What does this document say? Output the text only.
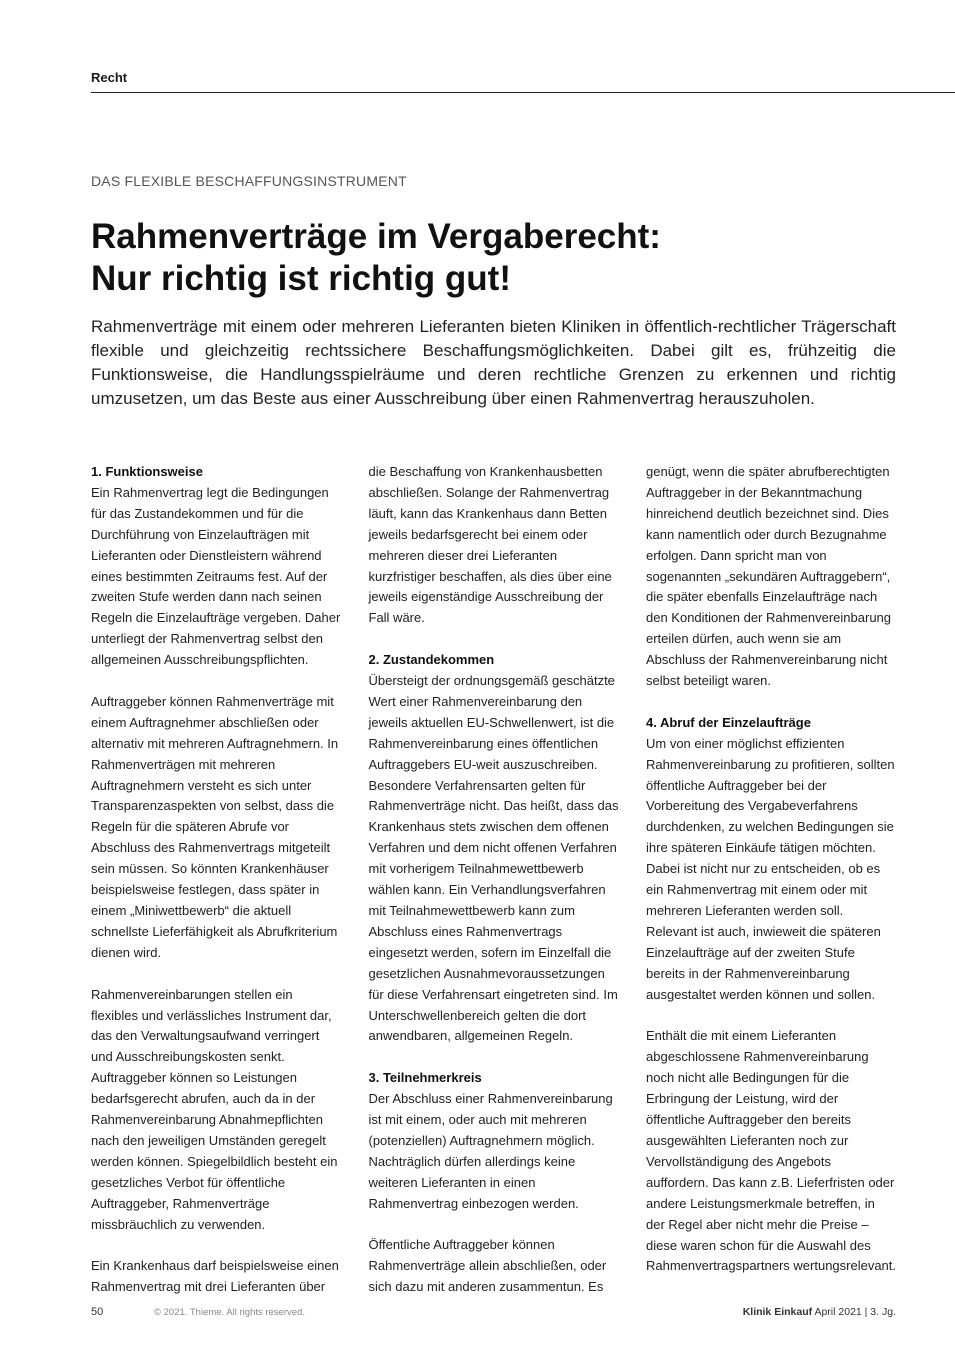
Recht
DAS FLEXIBLE BESCHAFFUNGSINSTRUMENT
Rahmenverträge im Vergaberecht:
Nur richtig ist richtig gut!

Rahmenverträge mit einem oder mehreren Lieferanten bieten Kliniken in öffentlich-rechtlicher Trägerschaft flexible und gleichzeitig rechtssichere Beschaffungsmöglichkeiten. Dabei gilt es, frühzeitig die Funktionsweise, die Handlungsspielräume und deren rechtliche Grenzen zu erkennen und richtig umzusetzen, um das Beste aus einer Ausschreibung über einen Rahmenvertrag herauszuholen.

1. Funktionsweise

Ein Rahmenvertrag legt die Bedingungen für das Zustandekommen und für die Durchführung von Einzelaufträgen mit Lieferanten oder Dienstleistern während eines bestimmten Zeitraums fest. Auf der zweiten Stufe werden dann nach seinen Regeln die Einzelaufträge vergeben. Daher unterliegt der Rahmenvertrag selbst den allgemeinen Ausschreibungspflichten.

Auftraggeber können Rahmenverträge mit einem Auftragnehmer abschließen oder alternativ mit mehreren Auftragnehmern. In Rahmenverträgen mit mehreren Auftragnehmern versteht es sich unter Transparenzaspekten von selbst, dass die Regeln für die späteren Abrufe vor Abschluss des Rahmenvertrags mitgeteilt sein müssen. So könnten Krankenhäuser beispielsweise festlegen, dass später in einem „Miniwettbewerb“ die aktuell schnellste Lieferfähigkeit als Abrufkriterium dienen wird.

Rahmenvereinbarungen stellen ein flexibles und verlässliches Instrument dar, das den Verwaltungsaufwand verringert und Ausschreibungskosten senkt. Auftraggeber können so Leistungen bedarfsgerecht abrufen, auch da in der Rahmenvereinbarung Abnahmepflichten nach den jeweiligen Umständen geregelt werden können. Spiegelbildlich besteht ein gesetzliches Verbot für öffentliche Auftraggeber, Rahmenverträge missbräuchlich zu verwenden.

Ein Krankenhaus darf beispielsweise einen Rahmenvertrag mit drei Lieferanten über

die Beschaffung von Krankenhausbetten abschließen. Solange der Rahmenvertrag läuft, kann das Krankenhaus dann Betten jeweils bedarfsgerecht bei einem oder mehreren dieser drei Lieferanten kurzfristiger beschaffen, als dies über eine jeweils eigenständige Ausschreibung der Fall wäre.

2. Zustandekommen

Übersteigt der ordnungsgemäß geschätzte Wert einer Rahmenvereinbarung den jeweils aktuellen EU-Schwellenwert, ist die Rahmenvereinbarung eines öffentlichen Auftraggebers EU-weit auszuschreiben. Besondere Verfahrensarten gelten für Rahmenverträge nicht. Das heißt, dass das Krankenhaus stets zwischen dem offenen Verfahren und dem nicht offenen Verfahren mit vorherigem Teilnahmewettbewerb wählen kann. Ein Verhandlungsverfahren mit Teilnahmewettbewerb kann zum Abschluss eines Rahmenvertrags eingesetzt werden, sofern im Einzelfall die gesetzlichen Ausnahmevoraussetzungen für diese Verfahrensart eingetreten sind. Im Unterschwellenbereich gelten die dort anwendbaren, allgemeinen Regeln.

3. Teilnehmerkreis

Der Abschluss einer Rahmenvereinbarung ist mit einem, oder auch mit mehreren (potenziellen) Auftragnehmern möglich. Nachträglich dürfen allerdings keine weiteren Lieferanten in einen Rahmenvertrag einbezogen werden.

Öffentliche Auftraggeber können Rahmenverträge allein abschließen, oder sich dazu mit anderen zusammentun. Es

genügt, wenn die später abrufberechtigten Auftraggeber in der Bekanntmachung hinreichend deutlich bezeichnet sind. Dies kann namentlich oder durch Bezugnahme erfolgen. Dann spricht man von sogenannten „sekundären Auftraggebern“, die später ebenfalls Einzelaufträge nach den Konditionen der Rahmenvereinbarung erteilen dürfen, auch wenn sie am Abschluss der Rahmenvereinbarung nicht selbst beteiligt waren.

4. Abruf der Einzelaufträge

Um von einer möglichst effizienten Rahmenvereinbarung zu profitieren, sollten öffentliche Auftraggeber bei der Vorbereitung des Vergabeverfahrens durchdenken, zu welchen Bedingungen sie ihre späteren Einkäufe tätigen möchten. Dabei ist nicht nur zu entscheiden, ob es ein Rahmenvertrag mit einem oder mit mehreren Lieferanten werden soll. Relevant ist auch, inwieweit die späteren Einzelaufträge auf der zweiten Stufe bereits in der Rahmenvereinbarung ausgestaltet werden können und sollen.

Enthält die mit einem Lieferanten abgeschlossene Rahmenvereinbarung noch nicht alle Bedingungen für die Erbringung der Leistung, wird der öffentliche Auftraggeber den bereits ausgewählten Lieferanten noch zur Vervollständigung des Angebots auffordern. Das kann z.B. Lieferfristen oder andere Leistungsmerkmale betreffen, in der Regel aber nicht mehr die Preise – diese waren schon für die Auswahl des Rahmenvertragspartners wertungsrelevant.

50	© 2021. Thieme. All rights reserved.	Klinik Einkauf April 2021 | 3. Jg.
